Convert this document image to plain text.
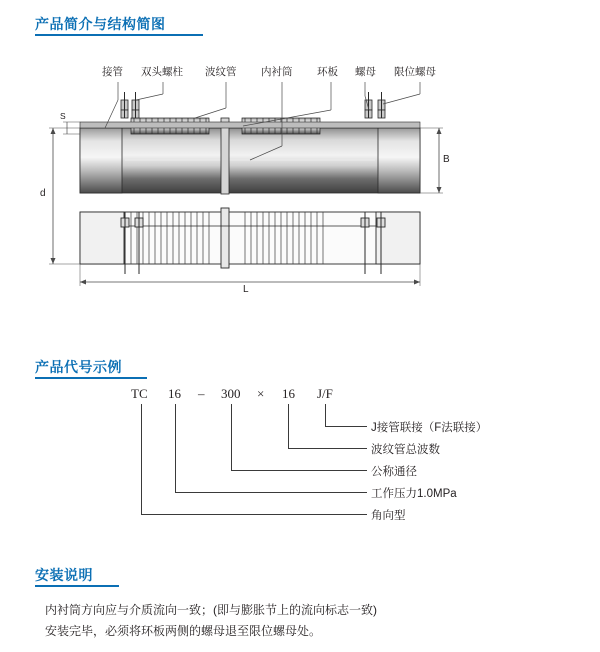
产品简介与结构简图
接管 双头螺柱 波纹管 内衬筒 环板 螺母 限位螺母
S
d
B
L
产品代号示例
TC 16 – 300 × 16 J/F
J接管联接（F法联接）
波纹管总波数
公称通径
工作压力1.0MPa
角向型
安装说明
内衬筒方向应与介质流向一致；(即与膨胀节上的流向标志一致)
安装完毕，必须将环板两侧的螺母退至限位螺母处。
